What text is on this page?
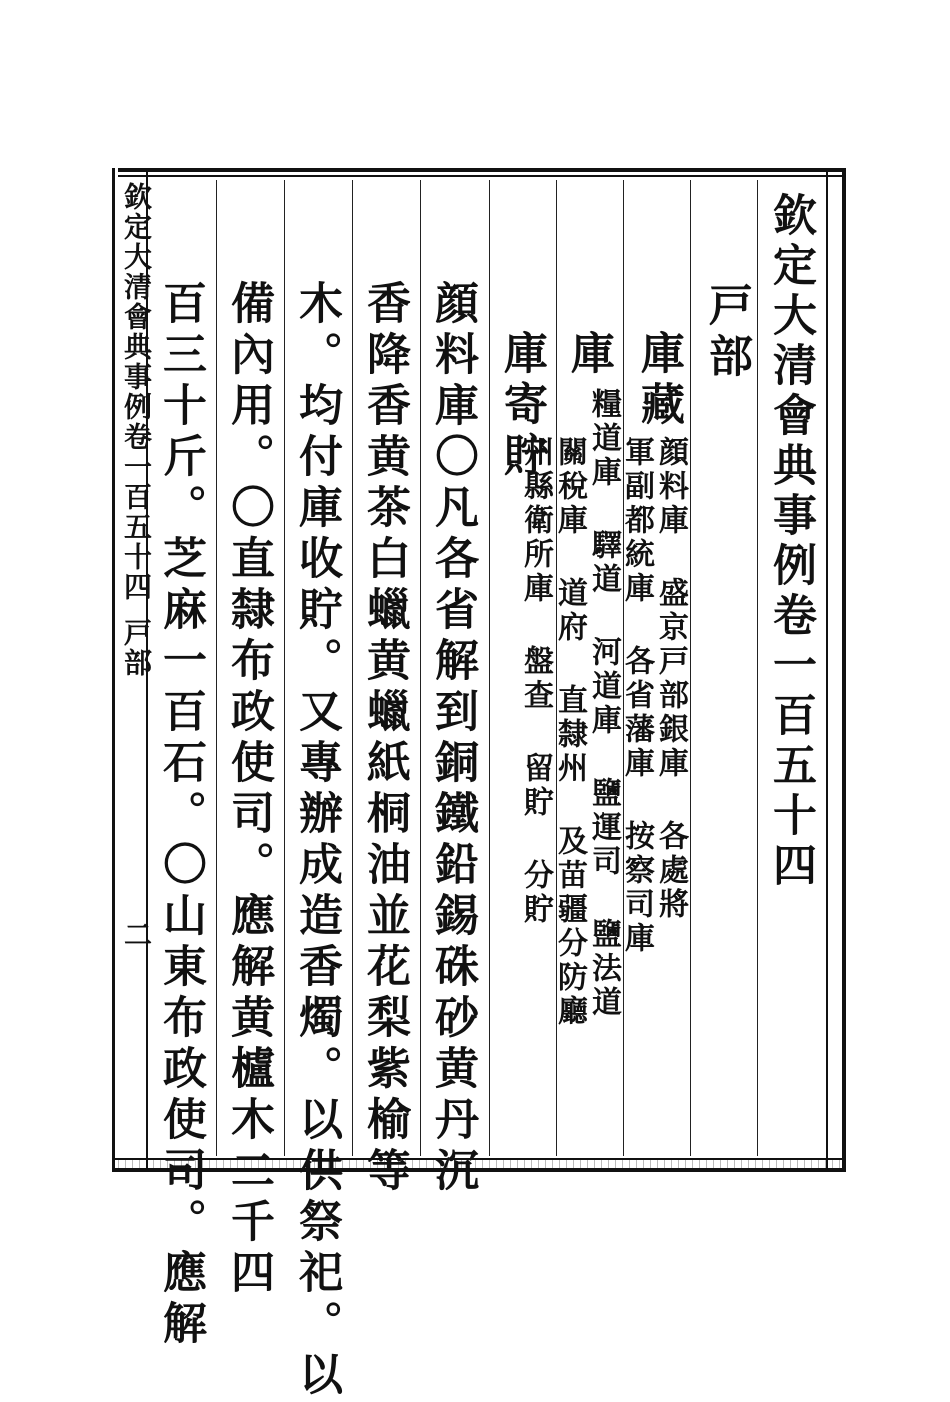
欽定大清會典事例卷一百五十四

戸部

庫藏

顔料庫 盛京戸部銀庫 各處將

軍副都統庫 各省藩庫 按察司庫

庫

糧道庫 驛道 河道庫 鹽運司 鹽法道

關稅庫 道府 直隸州 及苗疆分防廳

庫寄貯

州縣衛所庫 盤查 留貯 分貯

顔料庫〇凡各省解到銅鐵鉛錫硃砂黄丹沉

香降香黄茶白蠟黄蠟紙桐油並花梨紫榆等

木。均付庫收貯。又專辦成造香燭。以供祭祀。以

備內用。〇直隸布政使司。應解黄櫨木二千四

百三十斤。芝麻一百石。〇山東布政使司。應解

欽定大清會典事例卷一百五十四
戸部
二
